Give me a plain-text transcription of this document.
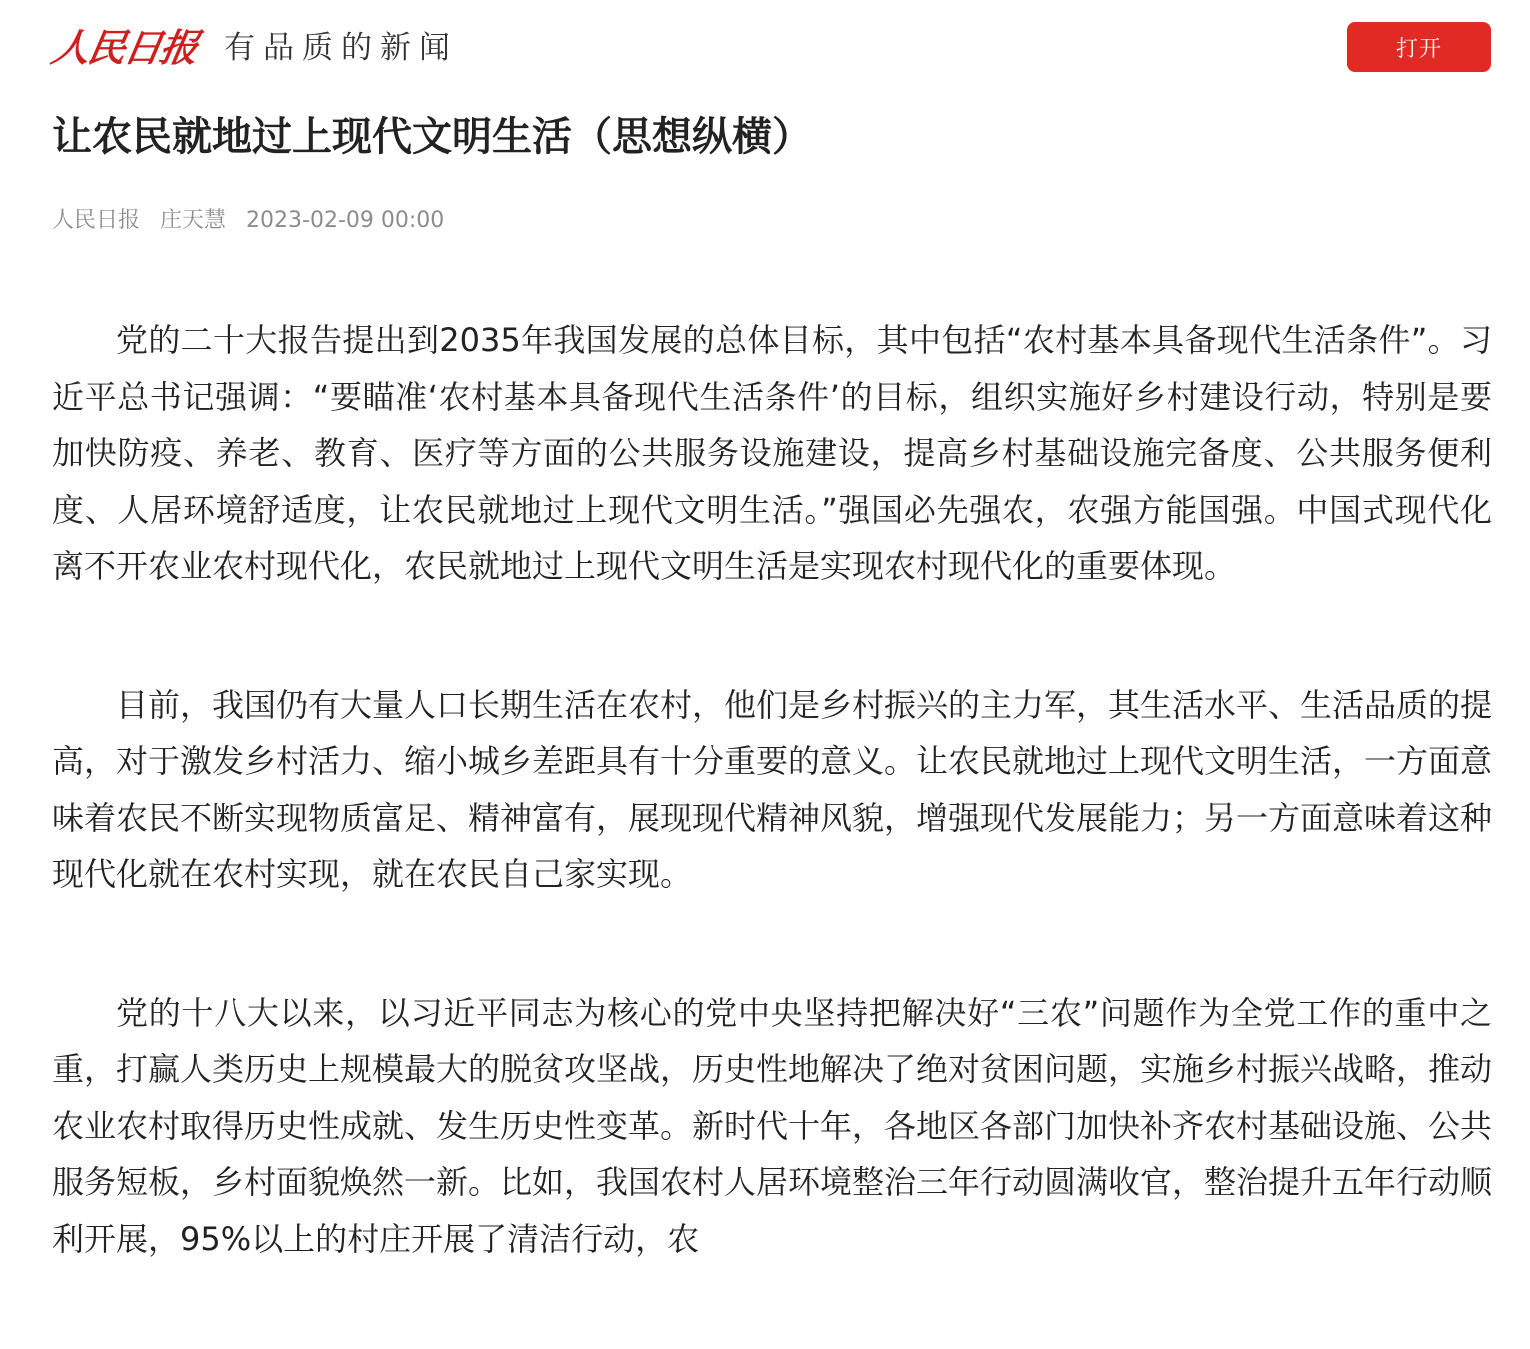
人民日报 有品质的新闻	打开
让农民就地过上现代文明生活（思想纵横）
人民日报 庄天慧 2023-02-09 00:00

党的二十大报告提出到2035年我国发展的总体目标，其中包括“农村基本具备现代生活条件”。习近平总书记强调：“要瞄准‘农村基本具备现代生活条件’的目标，组织实施好乡村建设行动，特别是要加快防疫、养老、教育、医疗等方面的公共服务设施建设，提高乡村基础设施完备度、公共服务便利度、人居环境舒适度，让农民就地过上现代文明生活。”强国必先强农，农强方能国强。中国式现代化离不开农业农村现代化，农民就地过上现代文明生活是实现农村现代化的重要体现。

目前，我国仍有大量人口长期生活在农村，他们是乡村振兴的主力军，其生活水平、生活品质的提高，对于激发乡村活力、缩小城乡差距具有十分重要的意义。让农民就地过上现代文明生活，一方面意味着农民不断实现物质富足、精神富有，展现现代精神风貌，增强现代发展能力；另一方面意味着这种现代化就在农村实现，就在农民自己家实现。

党的十八大以来，以习近平同志为核心的党中央坚持把解决好“三农”问题作为全党工作的重中之重，打赢人类历史上规模最大的脱贫攻坚战，历史性地解决了绝对贫困问题，实施乡村振兴战略，推动农业农村取得历史性成就、发生历史性变革。新时代十年，各地区各部门加快补齐农村基础设施、公共服务短板，乡村面貌焕然一新。比如，我国农村人居环境整治三年行动圆满收官，整治提升五年行动顺利开展，95%以上的村庄开展了清洁行动，农
